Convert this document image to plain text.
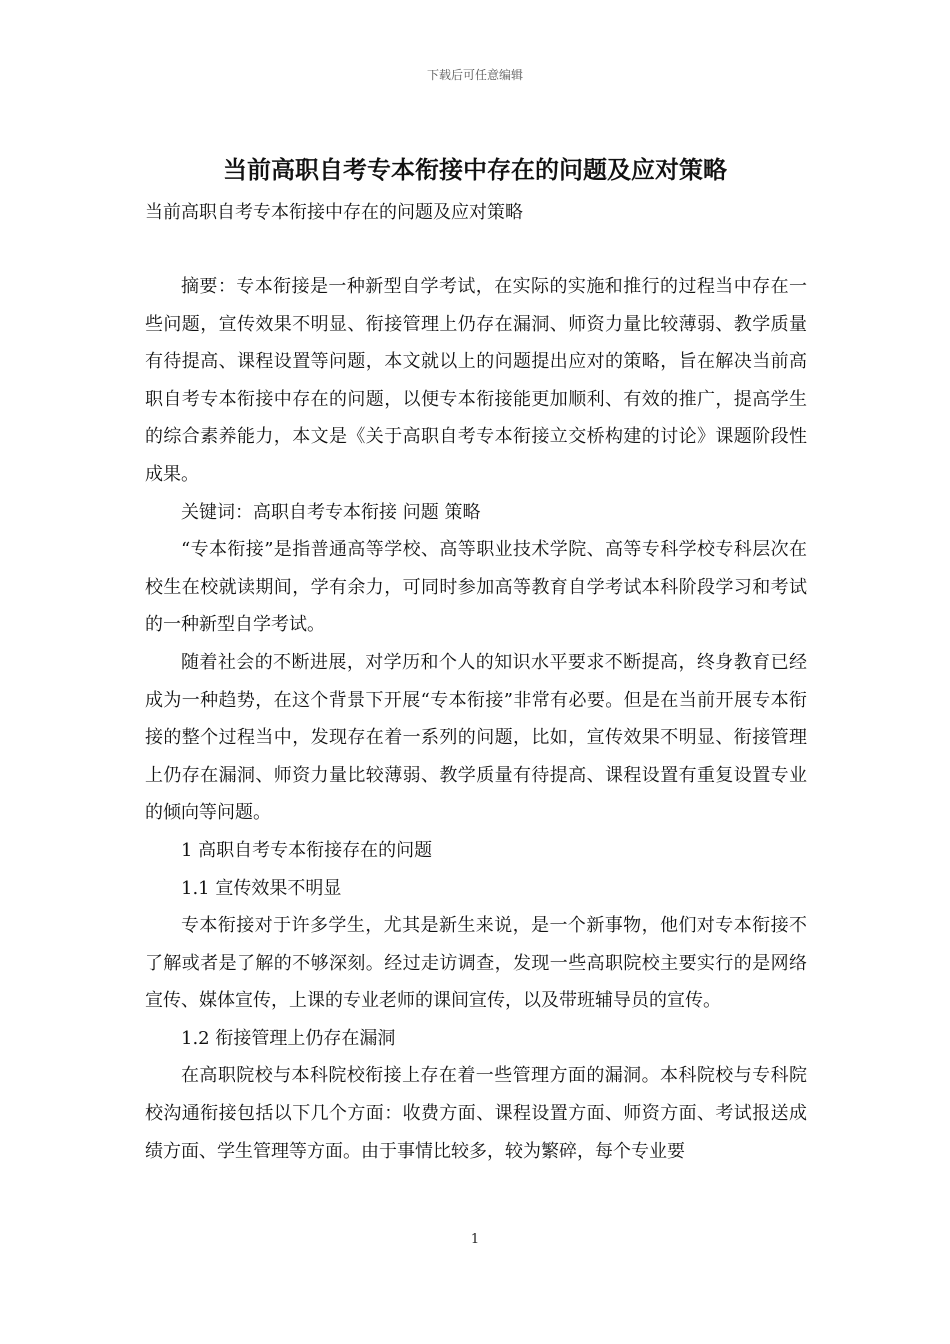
下载后可任意编辑
当前高职自考专本衔接中存在的问题及应对策略
当前高职自考专本衔接中存在的问题及应对策略

摘要：专本衔接是一种新型自学考试，在实际的实施和推行的过程当中存在一些问题，宣传效果不明显、衔接管理上仍存在漏洞、师资力量比较薄弱、教学质量有待提高、课程设置等问题，本文就以上的问题提出应对的策略，旨在解决当前高职自考专本衔接中存在的问题，以便专本衔接能更加顺利、有效的推广，提高学生的综合素养能力，本文是《关于高职自考专本衔接立交桥构建的讨论》课题阶段性成果。

关键词：高职自考专本衔接 问题 策略

“专本衔接”是指普通高等学校、高等职业技术学院、高等专科学校专科层次在校生在校就读期间，学有余力，可同时参加高等教育自学考试本科阶段学习和考试的一种新型自学考试。

随着社会的不断进展，对学历和个人的知识水平要求不断提高，终身教育已经成为一种趋势，在这个背景下开展“专本衔接”非常有必要。但是在当前开展专本衔接的整个过程当中，发现存在着一系列的问题，比如，宣传效果不明显、衔接管理上仍存在漏洞、师资力量比较薄弱、教学质量有待提高、课程设置有重复设置专业的倾向等问题。

1 高职自考专本衔接存在的问题

1.1 宣传效果不明显

专本衔接对于许多学生，尤其是新生来说，是一个新事物，他们对专本衔接不了解或者是了解的不够深刻。经过走访调查，发现一些高职院校主要实行的是网络宣传、媒体宣传，上课的专业老师的课间宣传，以及带班辅导员的宣传。

1.2 衔接管理上仍存在漏洞

在高职院校与本科院校衔接上存在着一些管理方面的漏洞。本科院校与专科院校沟通衔接包括以下几个方面：收费方面、课程设置方面、师资方面、考试报送成绩方面、学生管理等方面。由于事情比较多，较为繁碎，每个专业要

1
